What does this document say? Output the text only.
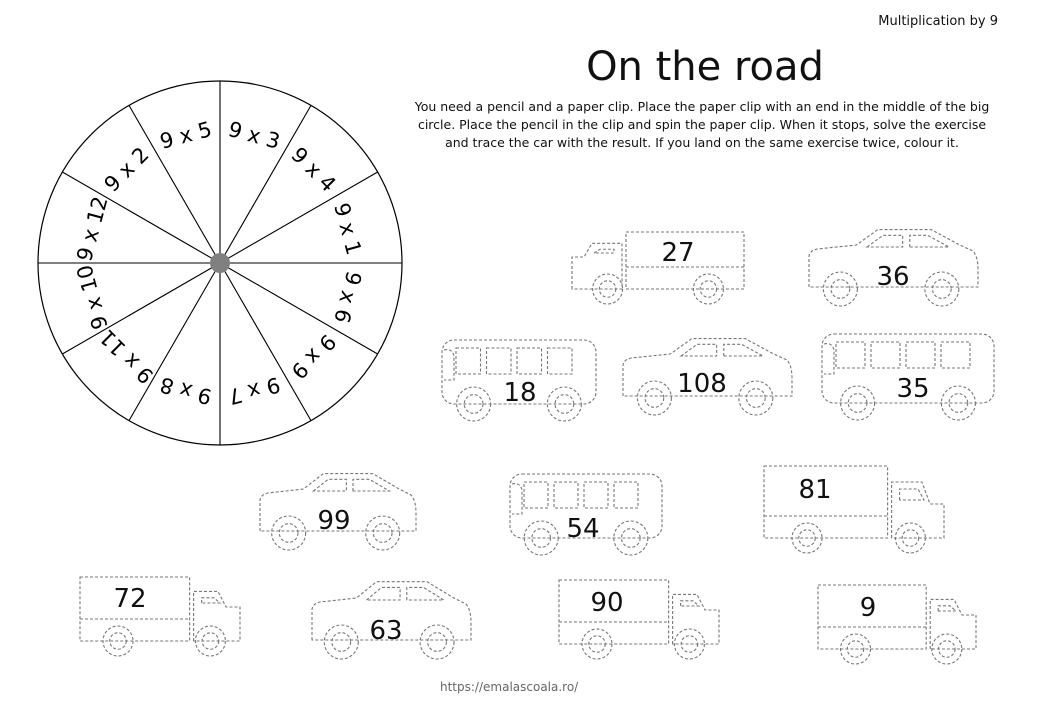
Multiplication by 9
On the road
You need a pencil and a paper clip. Place the paper clip with an end in the middle of the big circle. Place the pencil in the clip and spin the paper clip. When it stops, solve the exercise and trace the car with the result. If you land on the same exercise twice, colour it.
9 x 3
9 x 4
9 x 1
9 x 6
9 x 9
9 x 7
9 x 8
9 x 11
9 x 10
9 x 12
9 x 2
9 x 5
27
36
18	108	35
99	54
81
72
63
90	9
https://emalascoala.ro/
